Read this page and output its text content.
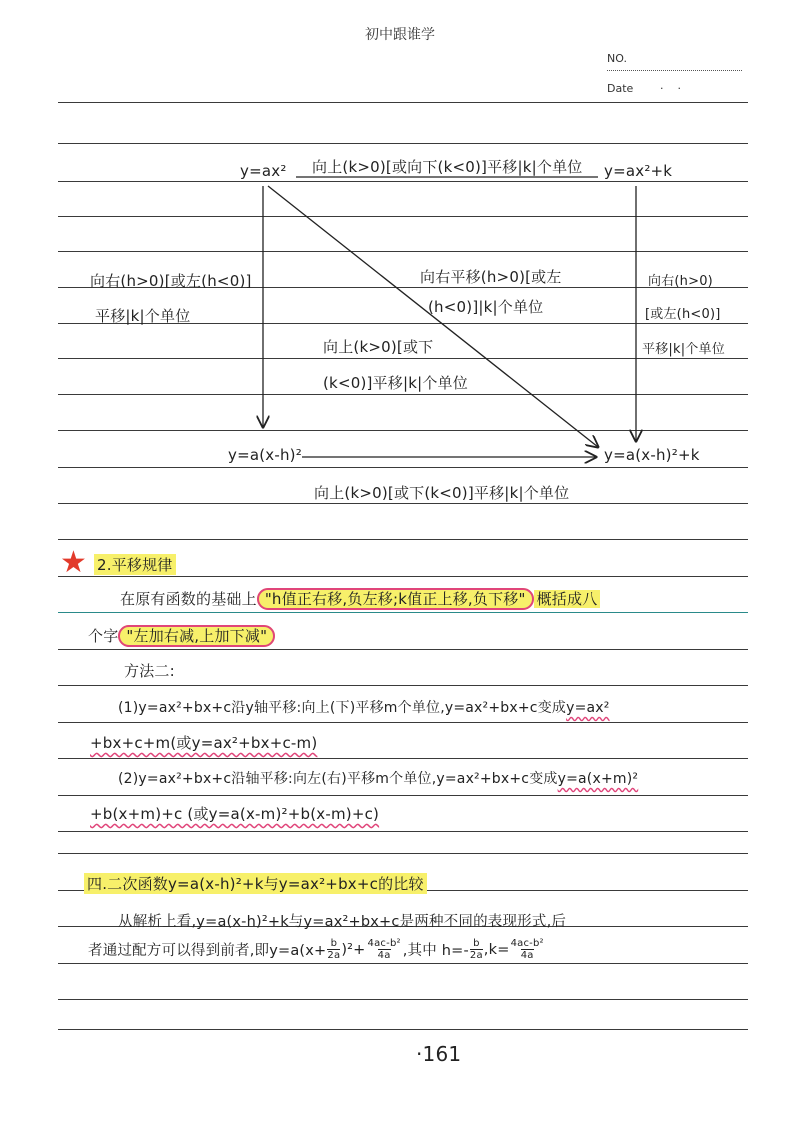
初中跟谁学
NO.
Date ·    ·
y=ax² 向上(k>0)[或向下(k<0)]平移|k|个单位 y=ax²+k
向右(h>0)[或左(h<0)]
平移|k|个单位
向右平移(h>0)[或左
(h<0)]|k|个单位
向上(k>0)[或下
(k<0)]平移|k|个单位
向右(h>0)
[或左(h<0)]
平移|k|个单位
y=a(x-h)²	y=a(x-h)²+k
向上(k>0)[或下(k<0)]平移|k|个单位
★ 2.平移规律
在原有函数的基础上 "h值正右移,负左移;k值正上移,负下移" 概括成八
个字 "左加右减,上加下减"
方法二:
(1)y=ax²+bx+c沿y轴平移:向上(下)平移m个单位,y=ax²+bx+c变成y=ax²
+bx+c+m(或y=ax²+bx+c-m)
(2)y=ax²+bx+c沿轴平移:向左(右)平移m个单位,y=ax²+bx+c变成y=a(x+m)²
+b(x+m)+c (或y=a(x-m)²+b(x-m)+c)
四.二次函数y=a(x-h)²+k与y=ax²+bx+c的比较
从解析上看,y=a(x-h)²+k与y=ax²+bx+c是两种不同的表现形式,后
者通过配方可以得到前者,即$y=a(x+ \frac{b}{2a} )^2+ \frac{\text{4ac-b²}}{4a}$ ,其中 $h=- \frac{b}{2a} ,k= \frac{\text{4ac-b²}}{4a}$
·161
